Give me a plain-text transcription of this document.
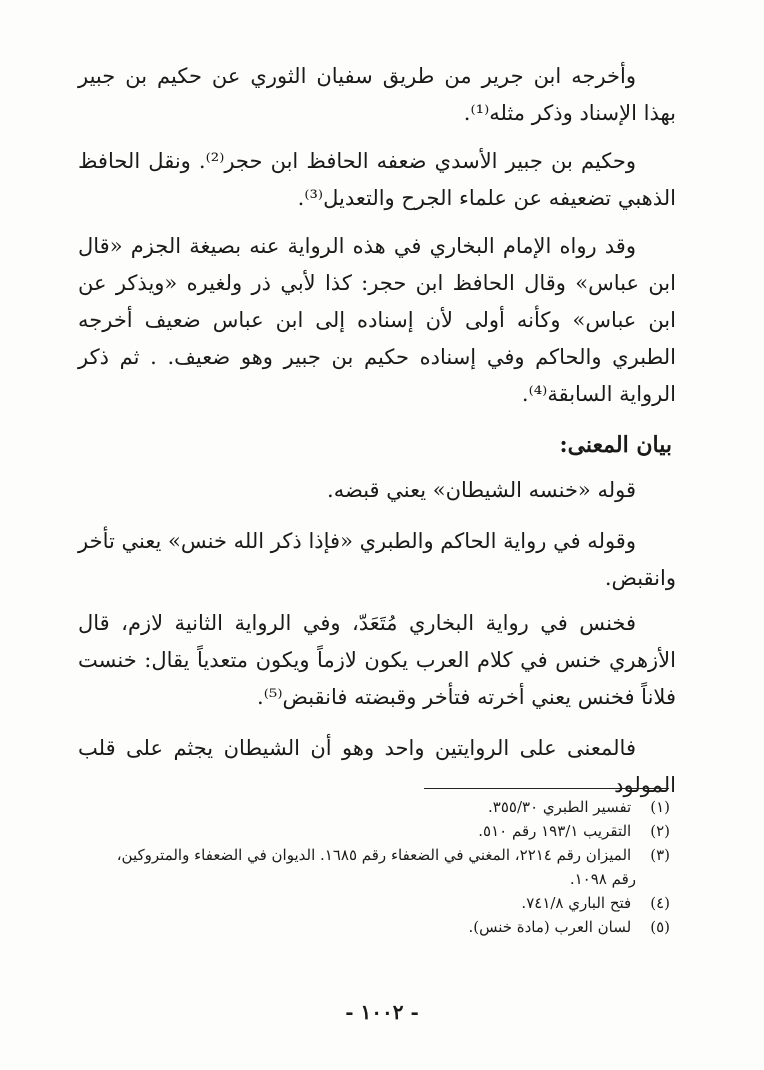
وأخرجه ابن جرير من طريق سفيان الثوري عن حكيم بن جبير بهذا الإسناد وذكر مثله⁽¹⁾.

وحكيم بن جبير الأسدي ضعفه الحافظ ابن حجر⁽²⁾. ونقل الحافظ الذهبي تضعيفه عن علماء الجرح والتعديل⁽³⁾.

وقد رواه الإمام البخاري في هذه الرواية عنه بصيغة الجزم «قال ابن عباس» وقال الحافظ ابن حجر: كذا لأبي ذر ولغيره «ويذكر عن ابن عباس» وكأنه أولى لأن إسناده إلى ابن عباس ضعيف أخرجه الطبري والحاكم وفي إسناده حكيم بن جبير وهو ضعيف. . ثم ذكر الرواية السابقة⁽⁴⁾.

بيان المعنى:

قوله «خنسه الشيطان» يعني قبضه.

وقوله في رواية الحاكم والطبري «فإذا ذكر الله خنس» يعني تأخر وانقبض.

فخنس في رواية البخاري مُتَعَدّ، وفي الرواية الثانية لازم، قال الأزهري خنس في كلام العرب يكون لازماً ويكون متعدياً يقال: خنست فلاناً فخنس يعني أخرته فتأخر وقبضته فانقبض⁽⁵⁾.

فالمعنى على الروايتين واحد وهو أن الشيطان يجثم على قلب المولود

(١) تفسير الطبري ٣٥٥/٣٠.
(٢) التقريب ١٩٣/١ رقم ٥١٠.
(٣) الميزان رقم ٢٢١٤، المغني في الضعفاء رقم ١٦٨٥. الديوان في الضعفاء والمتروكين،
رقم ١٠٩٨.
(٤) فتح الباري ٧٤١/٨.
(٥) لسان العرب (مادة خنس).
- ١٠٠٢ -
